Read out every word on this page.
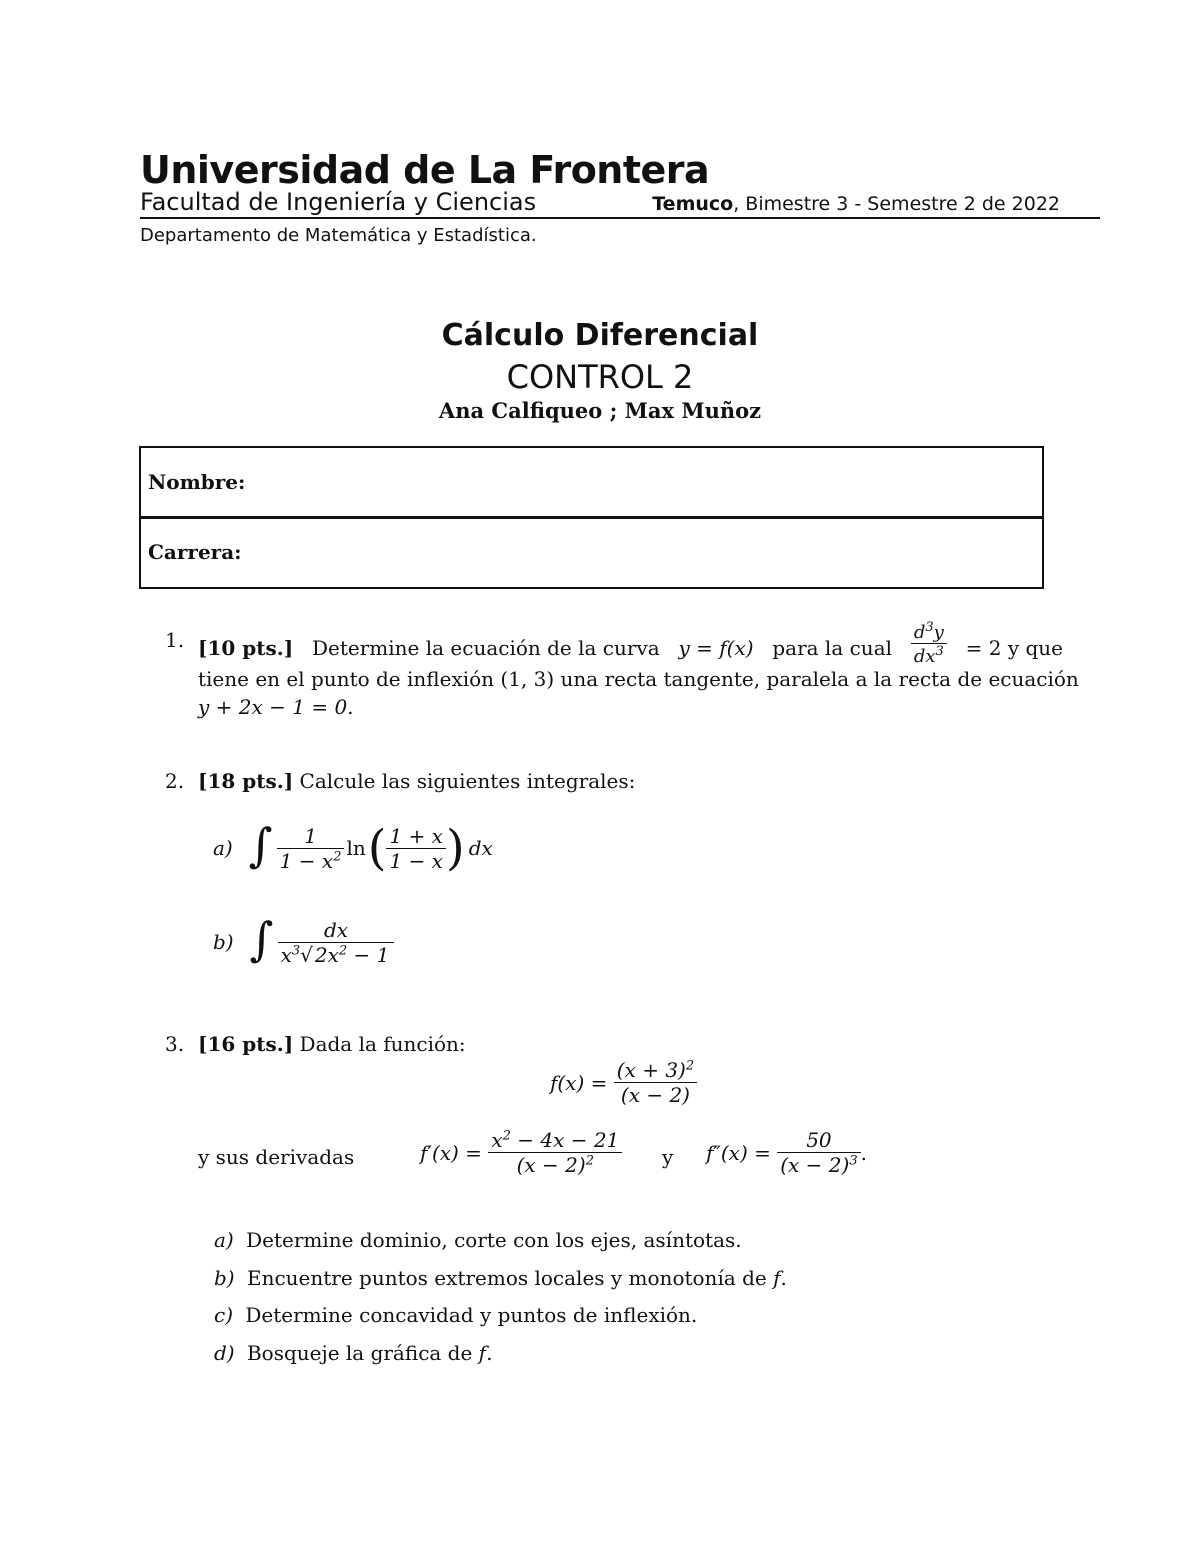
Universidad de La Frontera
Facultad de Ingeniería y Ciencias	Temuco, Bimestre 3 - Semestre 2 de 2022
Departamento de Matemática y Estadística.
Cálculo Diferencial
CONTROL 2
Ana Calfiqueo ; Max Muñoz
Nombre:
Carrera:
1. [10 pts.] Determine la ecuación de la curva y = f(x) para la cual $\frac{d^3y}{dx^3} = 2$ y que
tiene en el punto de inflexión (1, 3) una recta tangente, paralela a la recta de ecuación
y + 2x − 1 = 0.
2. [18 pts.] Calcule las siguientes integrales:
a) ∫ $\frac{1}{1 - x^2}$ ln ( $\frac{1 + x}{1 - x}$ ) dx
b) ∫ $\frac{dx}{x^3√ 2x^2 - 1}$
3. [16 pts.] Dada la función:
$f(x) = \frac{(x + 3)^2}{(x - 2)}$
y sus derivadas	$f'(x) = \frac{x^2 - 4x - 21}{(x - 2)^2}$ y $f''(x) = \frac{50}{(x - 2)^3}$ .
a) Determine dominio, corte con los ejes, asíntotas.
b) Encuentre puntos extremos locales y monotonía de f.
c) Determine concavidad y puntos de inflexión.
d) Bosqueje la gráfica de f.
